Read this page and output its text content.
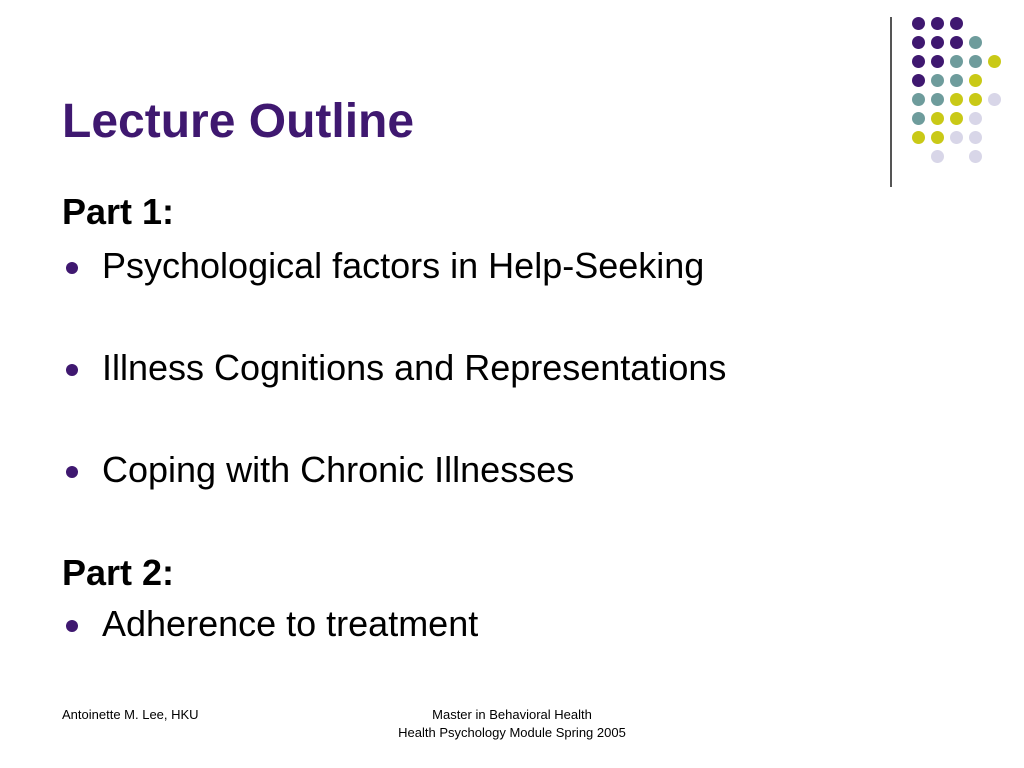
Lecture Outline
Part 1:
Psychological factors in Help-Seeking
Illness Cognitions and Representations
Coping with Chronic Illnesses
Part 2:
Adherence to treatment
Antoinette M. Lee, HKU	Master in Behavioral Health
Health Psychology Module Spring 2005
